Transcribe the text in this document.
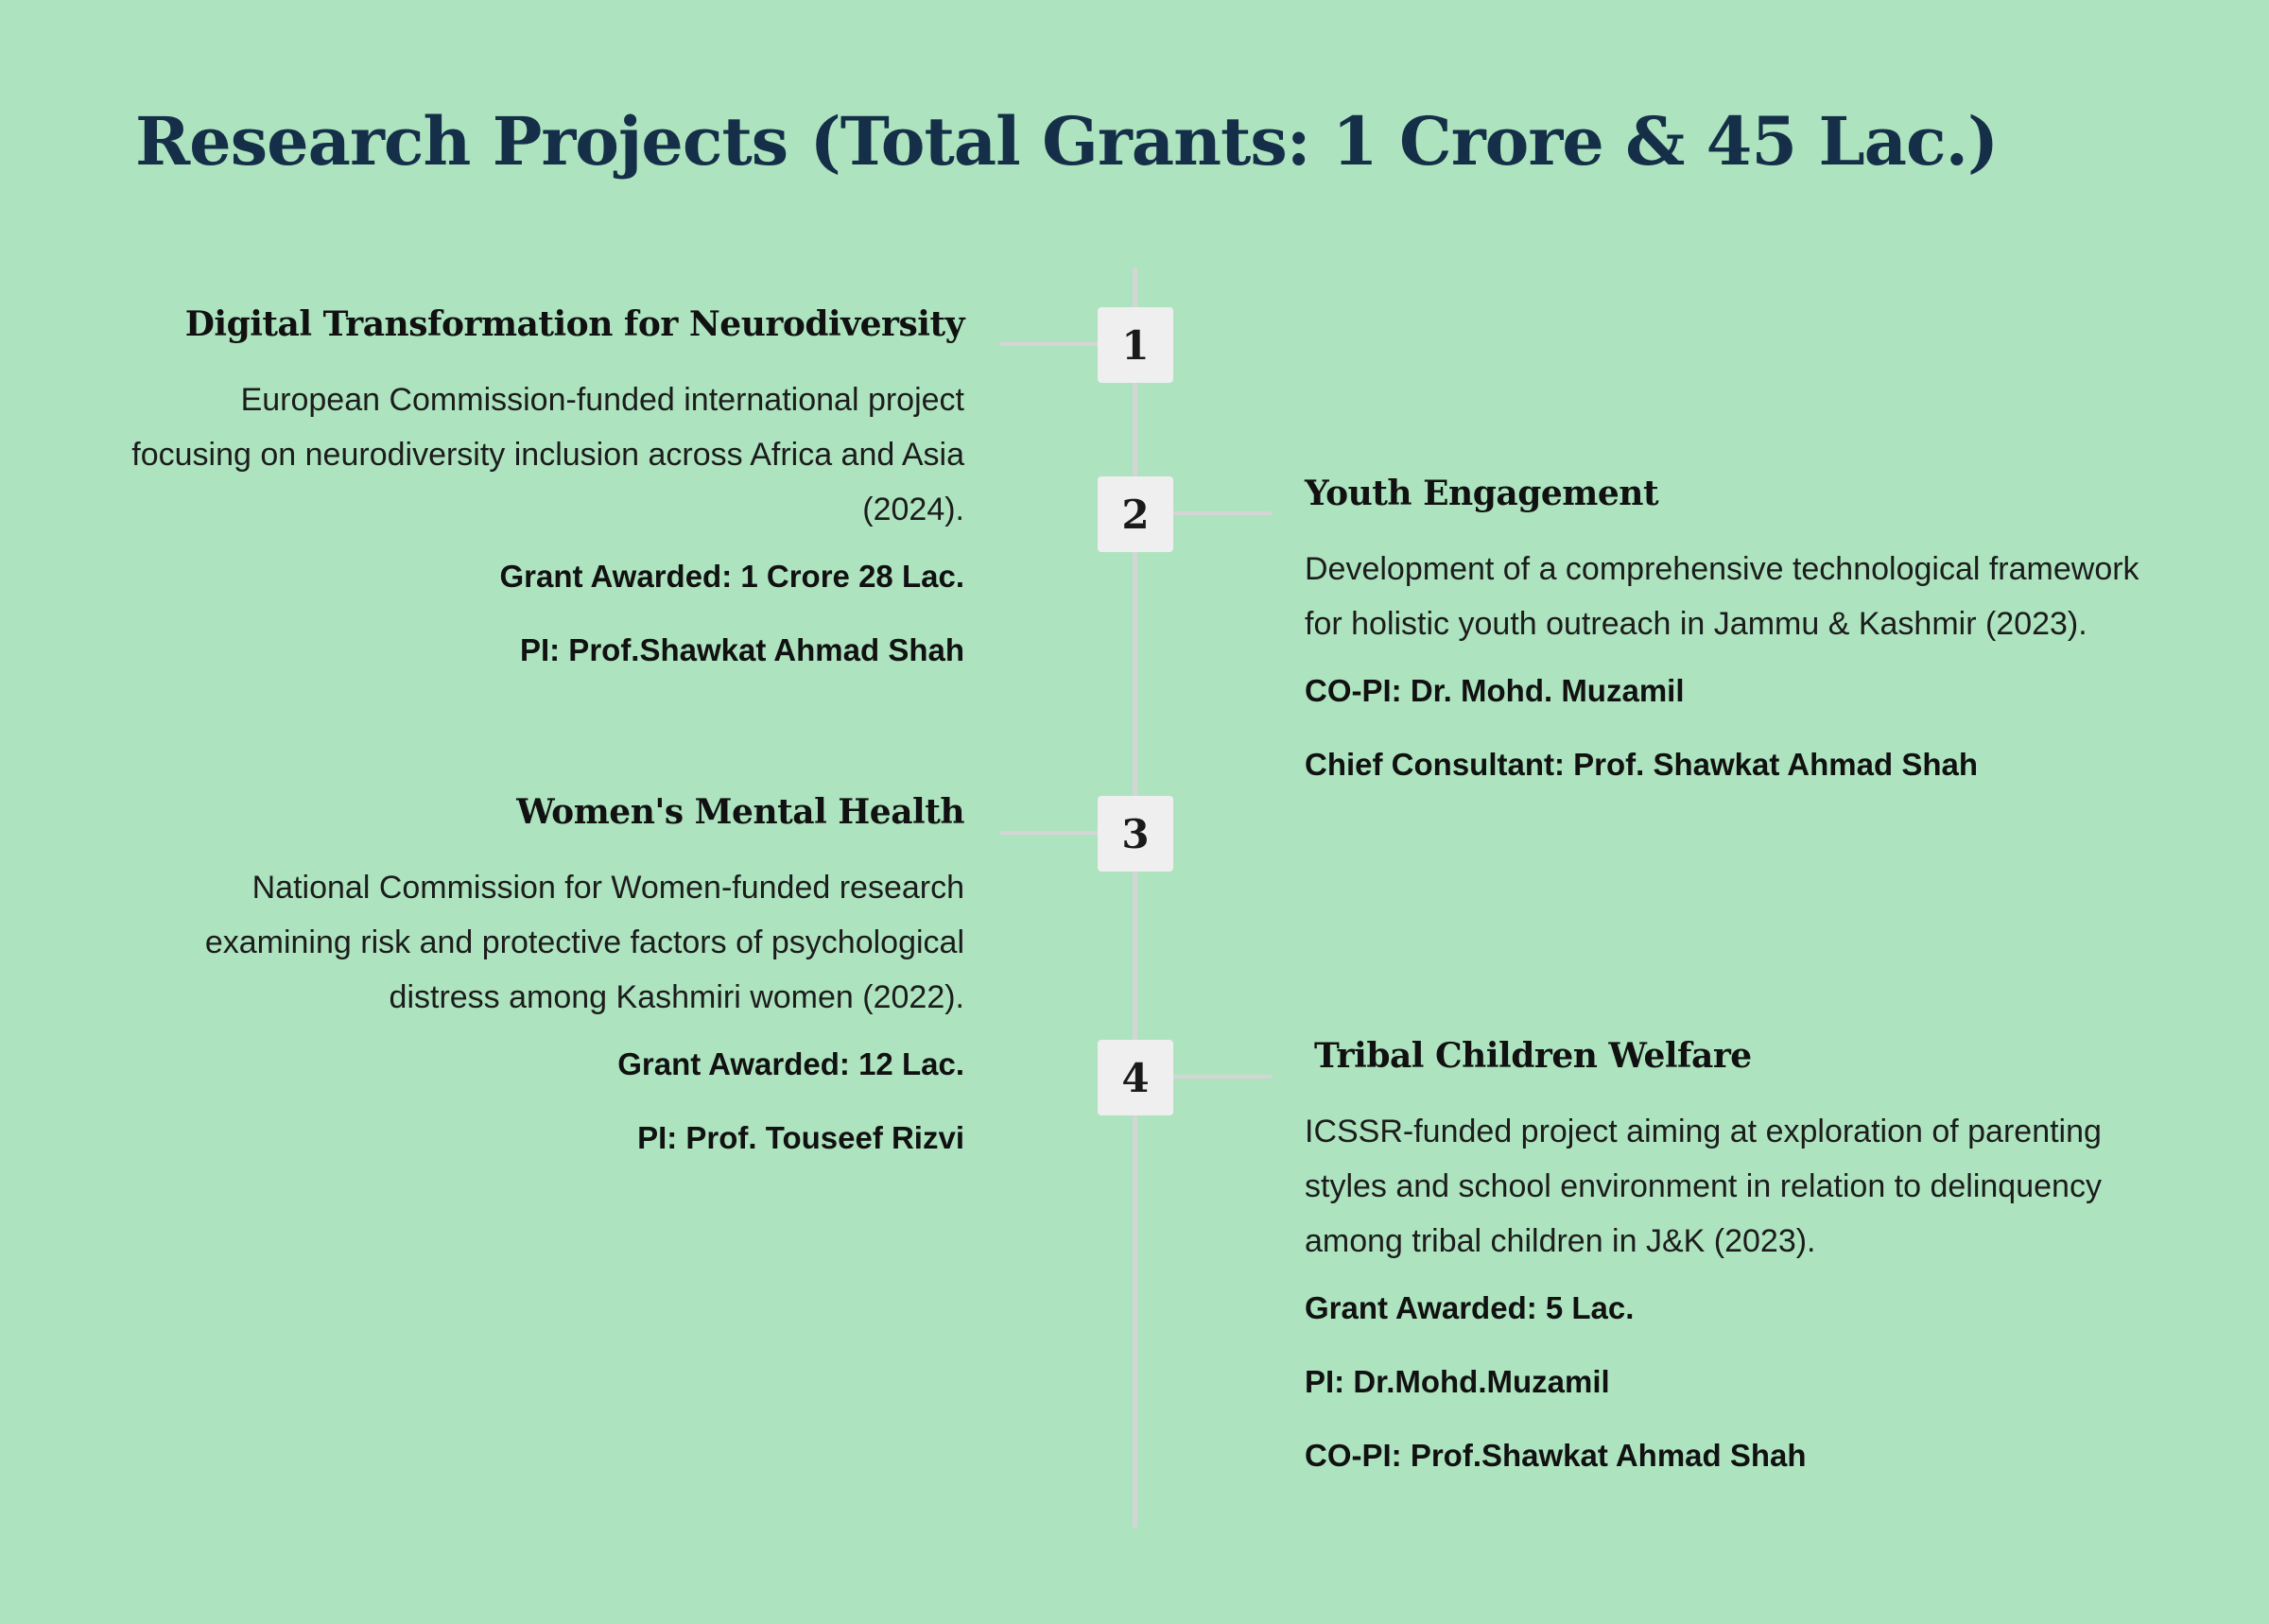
Research Projects (Total Grants: 1 Crore & 45 Lac.)
1
2
3
4
Digital Transformation for Neurodiversity
European Commission-funded international project focusing on neurodiversity inclusion across Africa and Asia (2024).
Grant Awarded: 1 Crore 28 Lac.
PI: Prof.Shawkat Ahmad Shah
Youth Engagement
Development of a comprehensive technological framework for holistic youth outreach in Jammu & Kashmir (2023).
CO-PI: Dr. Mohd. Muzamil
Chief Consultant: Prof. Shawkat Ahmad Shah
Women's Mental Health
National Commission for Women-funded research examining risk and protective factors of psychological distress among Kashmiri women (2022).
Grant Awarded: 12 Lac.
PI: Prof. Touseef Rizvi
Tribal Children Welfare
ICSSR-funded project aiming at exploration of parenting styles and school environment in relation to delinquency among tribal children in J&K (2023).
Grant Awarded: 5 Lac.
PI: Dr.Mohd.Muzamil
CO-PI: Prof.Shawkat Ahmad Shah
